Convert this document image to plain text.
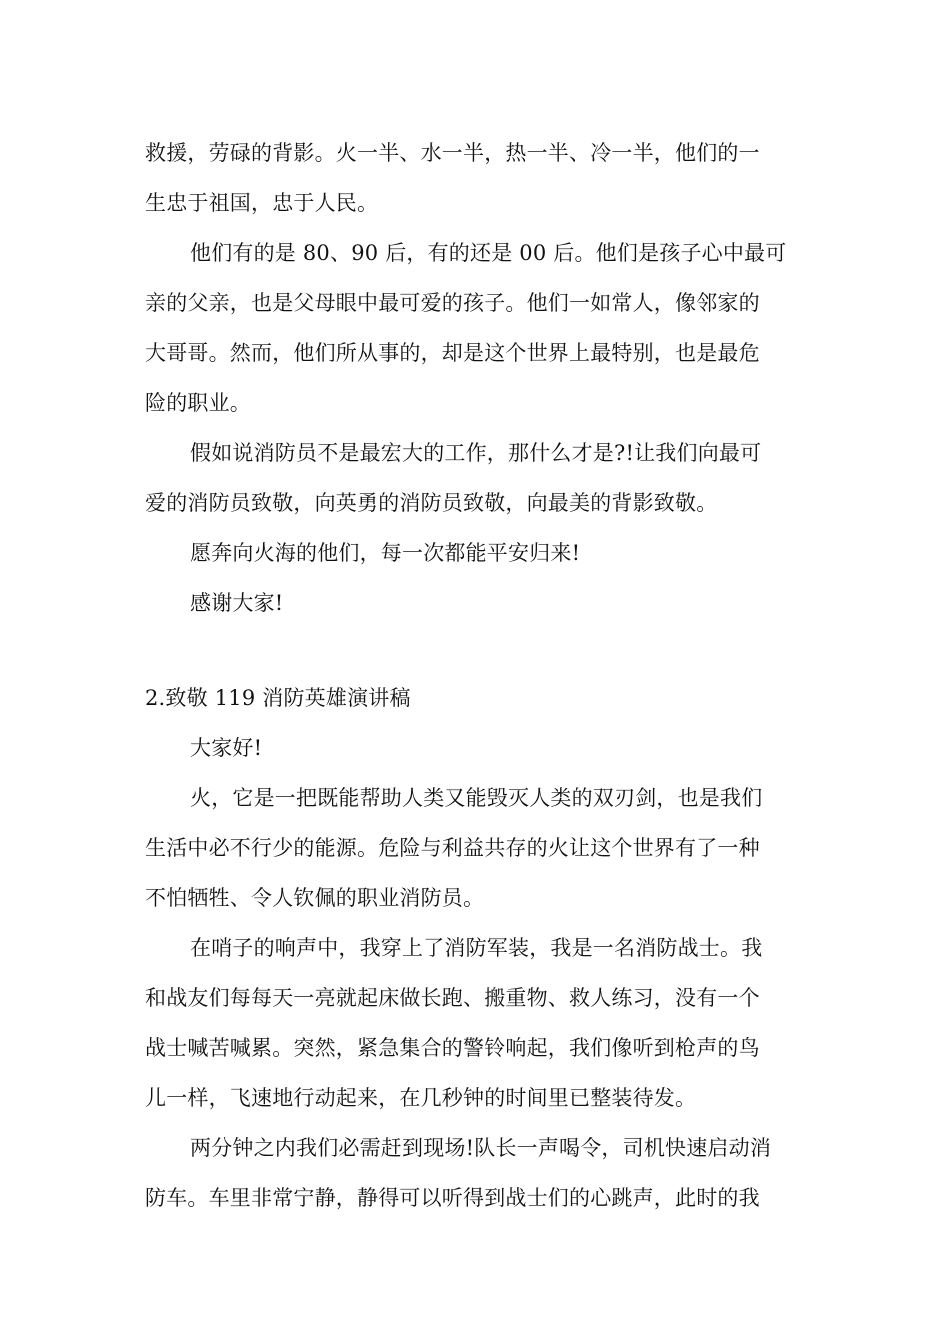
救援，劳碌的背影。火一半、水一半，热一半、冷一半，他们的一
生忠于祖国，忠于人民。
他们有的是 80、90 后，有的还是 00 后。他们是孩子心中最可
亲的父亲，也是父母眼中最可爱的孩子。他们一如常人，像邻家的
大哥哥。然而，他们所从事的，却是这个世界上最特别，也是最危
险的职业。
假如说消防员不是最宏大的工作，那什么才是?!让我们向最可
爱的消防员致敬，向英勇的消防员致敬，向最美的背影致敬。
愿奔向火海的他们，每一次都能平安归来!
感谢大家!
2.致敬 119 消防英雄演讲稿
大家好!
火，它是一把既能帮助人类又能毁灭人类的双刃剑，也是我们
生活中必不行少的能源。危险与利益共存的火让这个世界有了一种
不怕牺牲、令人钦佩的职业消防员。
在哨子的响声中，我穿上了消防军装，我是一名消防战士。我
和战友们每每天一亮就起床做长跑、搬重物、救人练习，没有一个
战士喊苦喊累。突然，紧急集合的警铃响起，我们像听到枪声的鸟
儿一样，飞速地行动起来，在几秒钟的时间里已整装待发。
两分钟之内我们必需赶到现场!队长一声喝令，司机快速启动消
防车。车里非常宁静，静得可以听得到战士们的心跳声，此时的我
